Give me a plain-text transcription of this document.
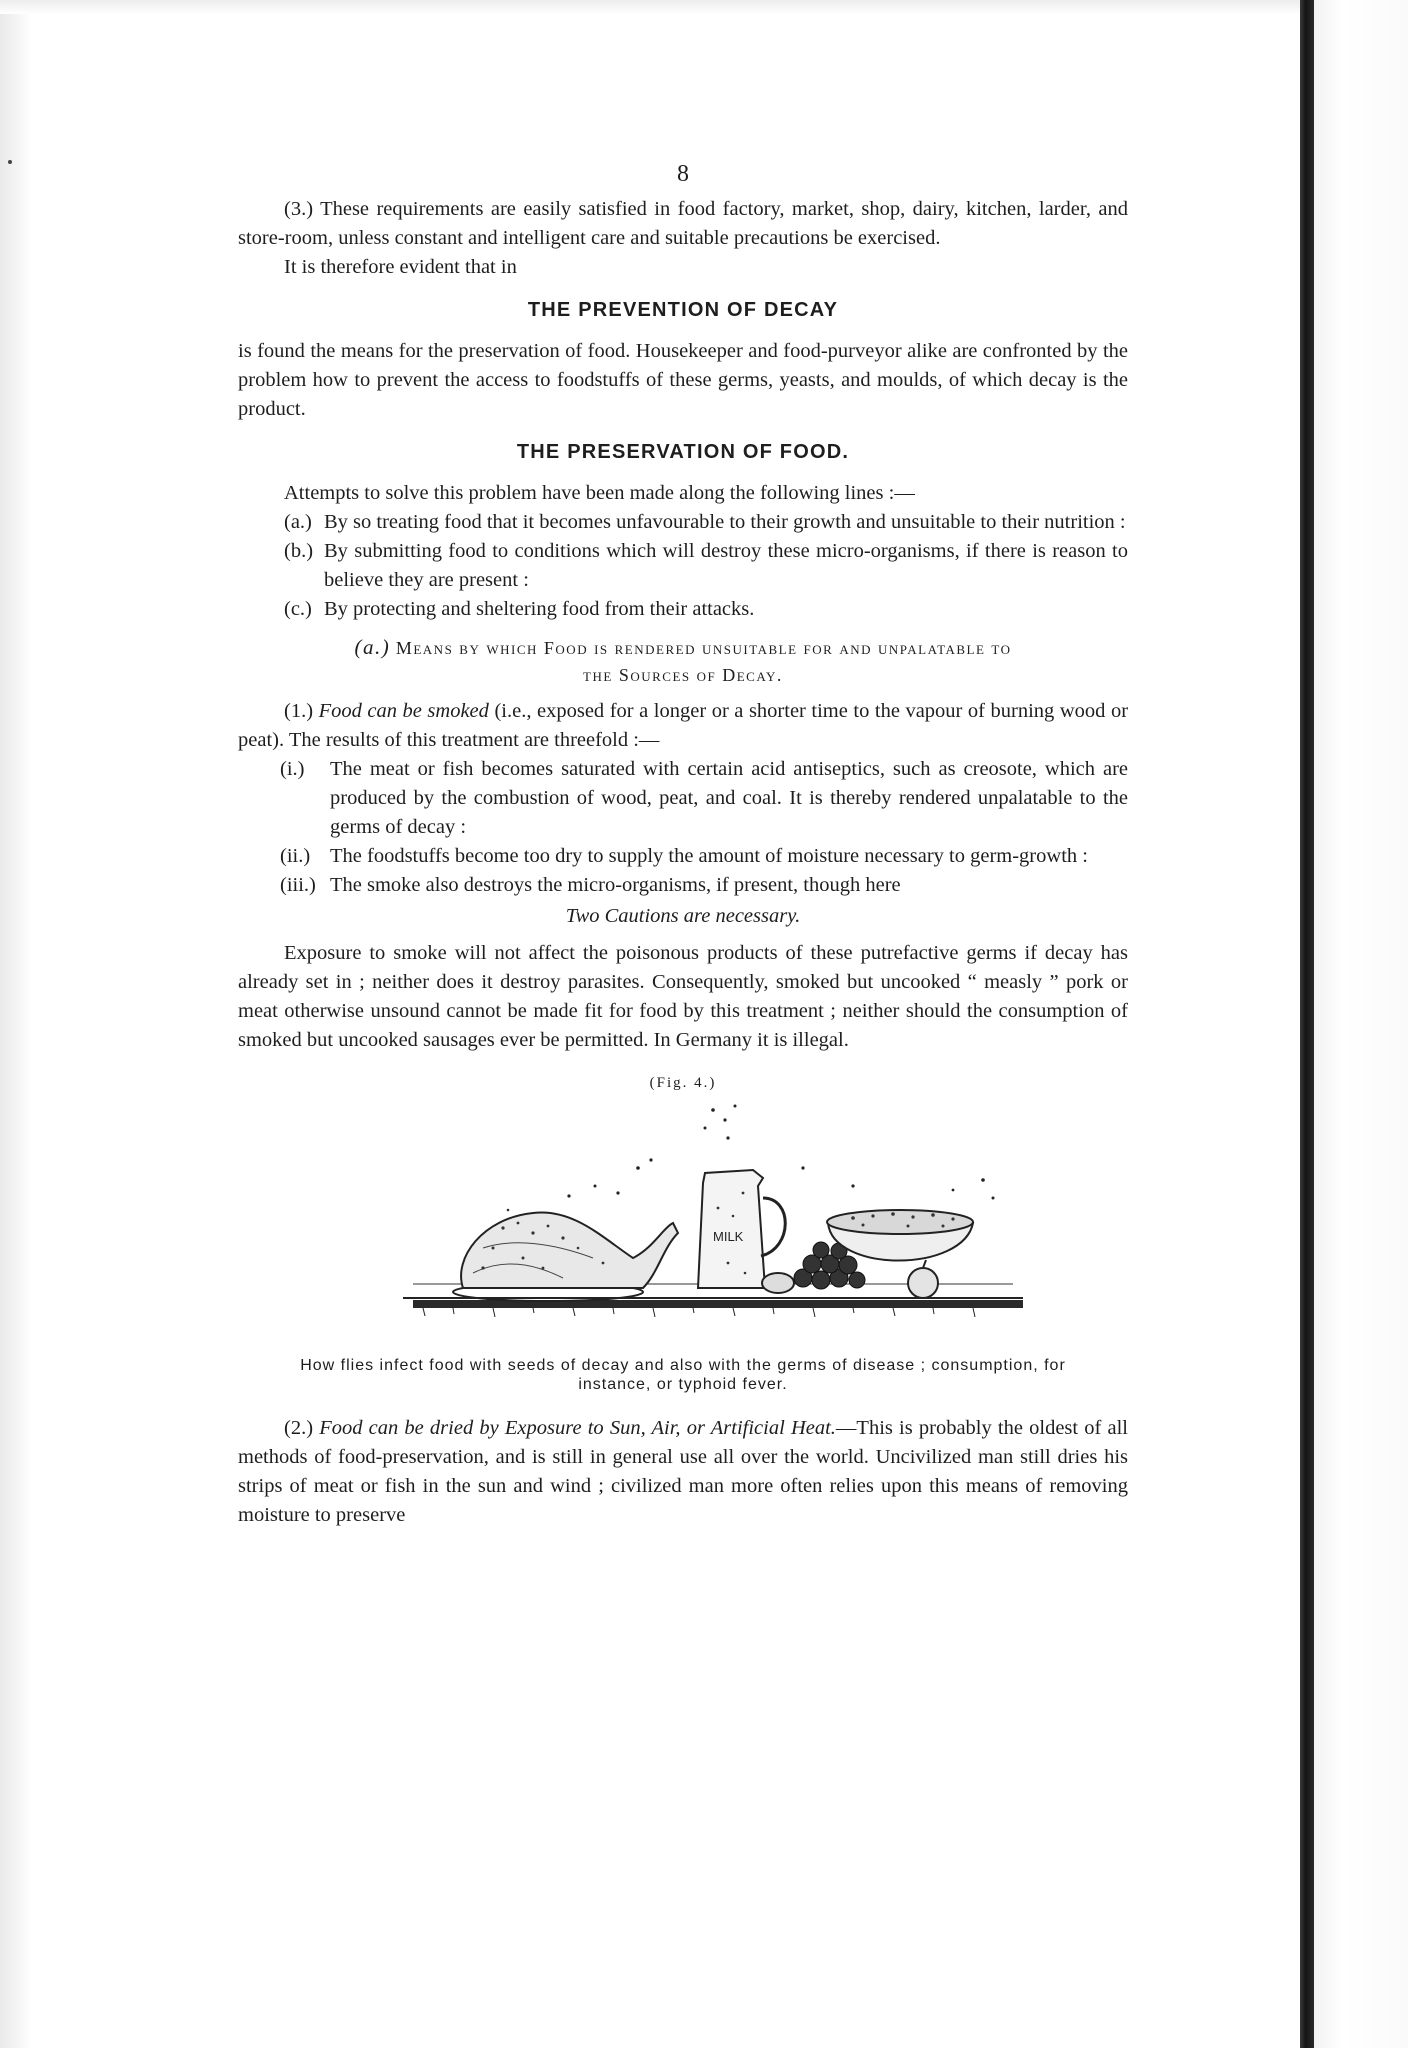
8

(3.) These requirements are easily satisfied in food factory, market, shop, dairy, kitchen, larder, and store-room, unless constant and intelligent care and suitable precautions be exercised.

It is therefore evident that in

THE PREVENTION OF DECAY

is found the means for the preservation of food. Housekeeper and food-purveyor alike are confronted by the problem how to prevent the access to foodstuffs of these germs, yeasts, and moulds, of which decay is the product.

THE PRESERVATION OF FOOD.

Attempts to solve this problem have been made along the following lines :—

(a.) By so treating food that it becomes unfavourable to their growth and unsuitable to their nutrition :
(b.) By submitting food to conditions which will destroy these micro-organisms, if there is reason to believe they are present :
(c.) By protecting and sheltering food from their attacks.
(a.) Means by which Food is rendered unsuitable for and unpalatable to
the Sources of Decay.

(1.) Food can be smoked (i.e., exposed for a longer or a shorter time to the vapour of burning wood or peat). The results of this treatment are threefold :—

(i.) The meat or fish becomes saturated with certain acid antiseptics, such as creosote, which are produced by the combustion of wood, peat, and coal. It is thereby rendered unpalatable to the germs of decay :
(ii.) The foodstuffs become too dry to supply the amount of moisture necessary to germ-growth :
(iii.) The smoke also destroys the micro-organisms, if present, though here

Two Cautions are necessary.

Exposure to smoke will not affect the poisonous products of these putrefactive germs if decay has already set in ; neither does it destroy parasites. Consequently, smoked but uncooked “ measly ” pork or meat otherwise unsound cannot be made fit for food by this treatment ; neither should the consumption of smoked but uncooked sausages ever be permitted. In Germany it is illegal.

(Fig. 4.)

MILK

How flies infect food with seeds of decay and also with the germs of disease ; consumption, for instance, or typhoid fever.

(2.) Food can be dried by Exposure to Sun, Air, or Artificial Heat.—This is probably the oldest of all methods of food-preservation, and is still in general use all over the world. Uncivilized man still dries his strips of meat or fish in the sun and wind ; civilized man more often relies upon this means of removing moisture to preserve
